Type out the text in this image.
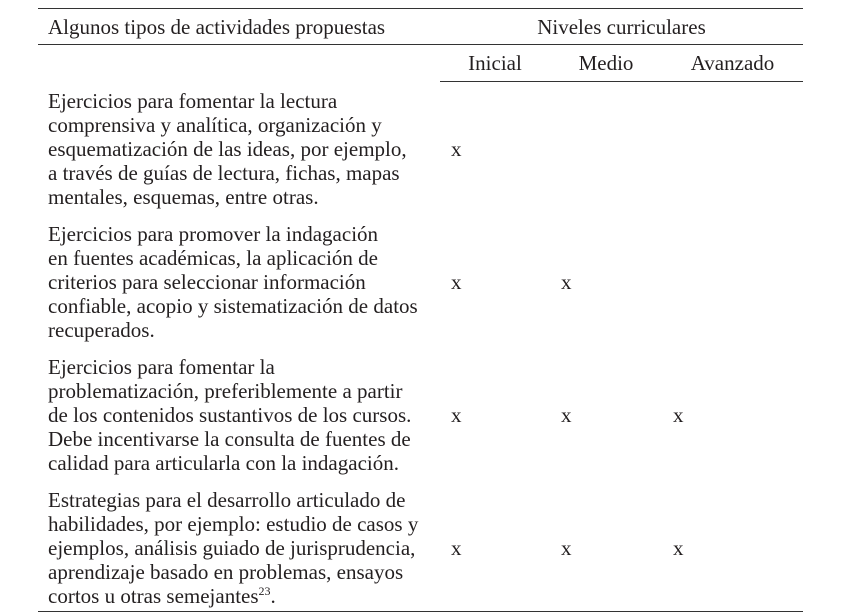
Algunos tipos de actividades propuestas	Niveles curriculares
Inicial	Medio	Avanzado
Ejercicios para fomentar la lectura
comprensiva y analítica, organización y
esquematización de las ideas, por ejemplo,
a través de guías de lectura, fichas, mapas
mentales, esquemas, entre otras.
x
Ejercicios para promover la indagación
en fuentes académicas, la aplicación de
criterios para seleccionar información
confiable, acopio y sistematización de datos
recuperados.
x	x
Ejercicios para fomentar la
problematización, preferiblemente a partir
de los contenidos sustantivos de los cursos.
Debe incentivarse la consulta de fuentes de
calidad para articularla con la indagación.
x	x	x
Estrategias para el desarrollo articulado de
habilidades, por ejemplo: estudio de casos y
ejemplos, análisis guiado de jurisprudencia,
aprendizaje basado en problemas, ensayos
cortos u otras semejantes$^{23}$.
x	x	x
